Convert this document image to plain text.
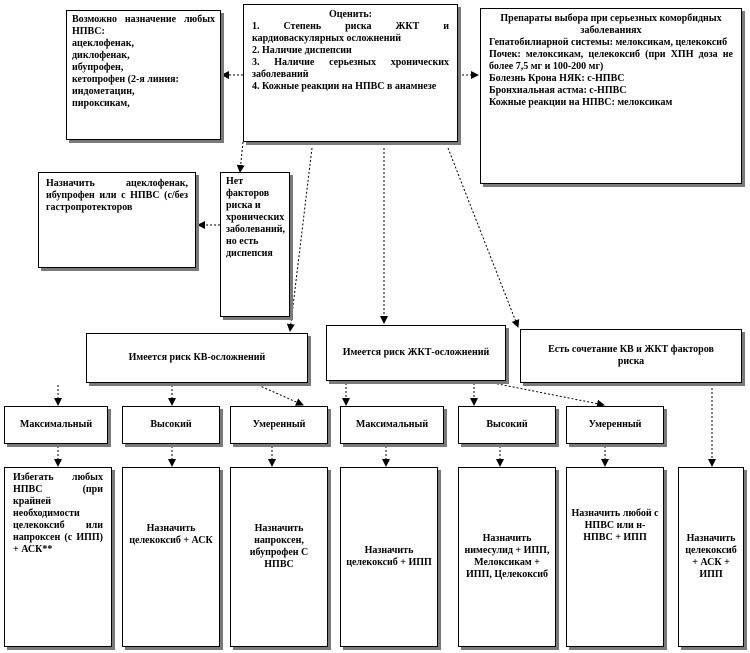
Оценить:

1. Степень риска ЖКТ и кардиоваскулярных осложнений

2. Наличие диспепсии

3. Наличие серьезных хронических заболеваний

4. Кожные реакции на НПВС в анамнезе

Возможно назначение любых НПВС:

ацеклофенак,

диклофенак,

ибупрофен,

кетопрофен (2-я линия:

индометацин,

пироксикам,

Препараты выбора при серьезных коморбидных заболеваниях

Гепатобилиарной системы: мелоксикам, целекоксиб

Почек: мелоксикам, целекоксиб (при ХПН доза не более 7,5 мг и 100-200 мг)

Болезнь Крона НЯК: с-НПВС

Бронхиальная астма: с-НПВС

Кожные реакции на НПВС: мелоксикам

Назначить ацеклофенак, ибупрофен или с НПВС (с/без гастропротекторов

Нет факторов риска и хронических заболеваний, но есть диспепсия

Имеется риск КВ-осложнений	Имеется риск ЖКТ-осложнений	Есть сочетание КВ и ЖКТ факторов риска
Максимальный	Высокий	Умеренный	Максимальный	Высокий	Умеренный
Избегать любых НПВС (при крайней необходимости целекоксиб или напроксен (с ИПП) + АСК**
Назначить целекоксиб + АСК
Назначить напроксен, ибупрофен С НПВС
Назначить целекоксиб + ИПП
Назначить нимесулид + ИПП, Мелоксикам + ИПП, Целекоксиб
Назначить любой с НПВС или н-НПВС + ИПП	Назначить целекоксиб + АСК + ИПП
